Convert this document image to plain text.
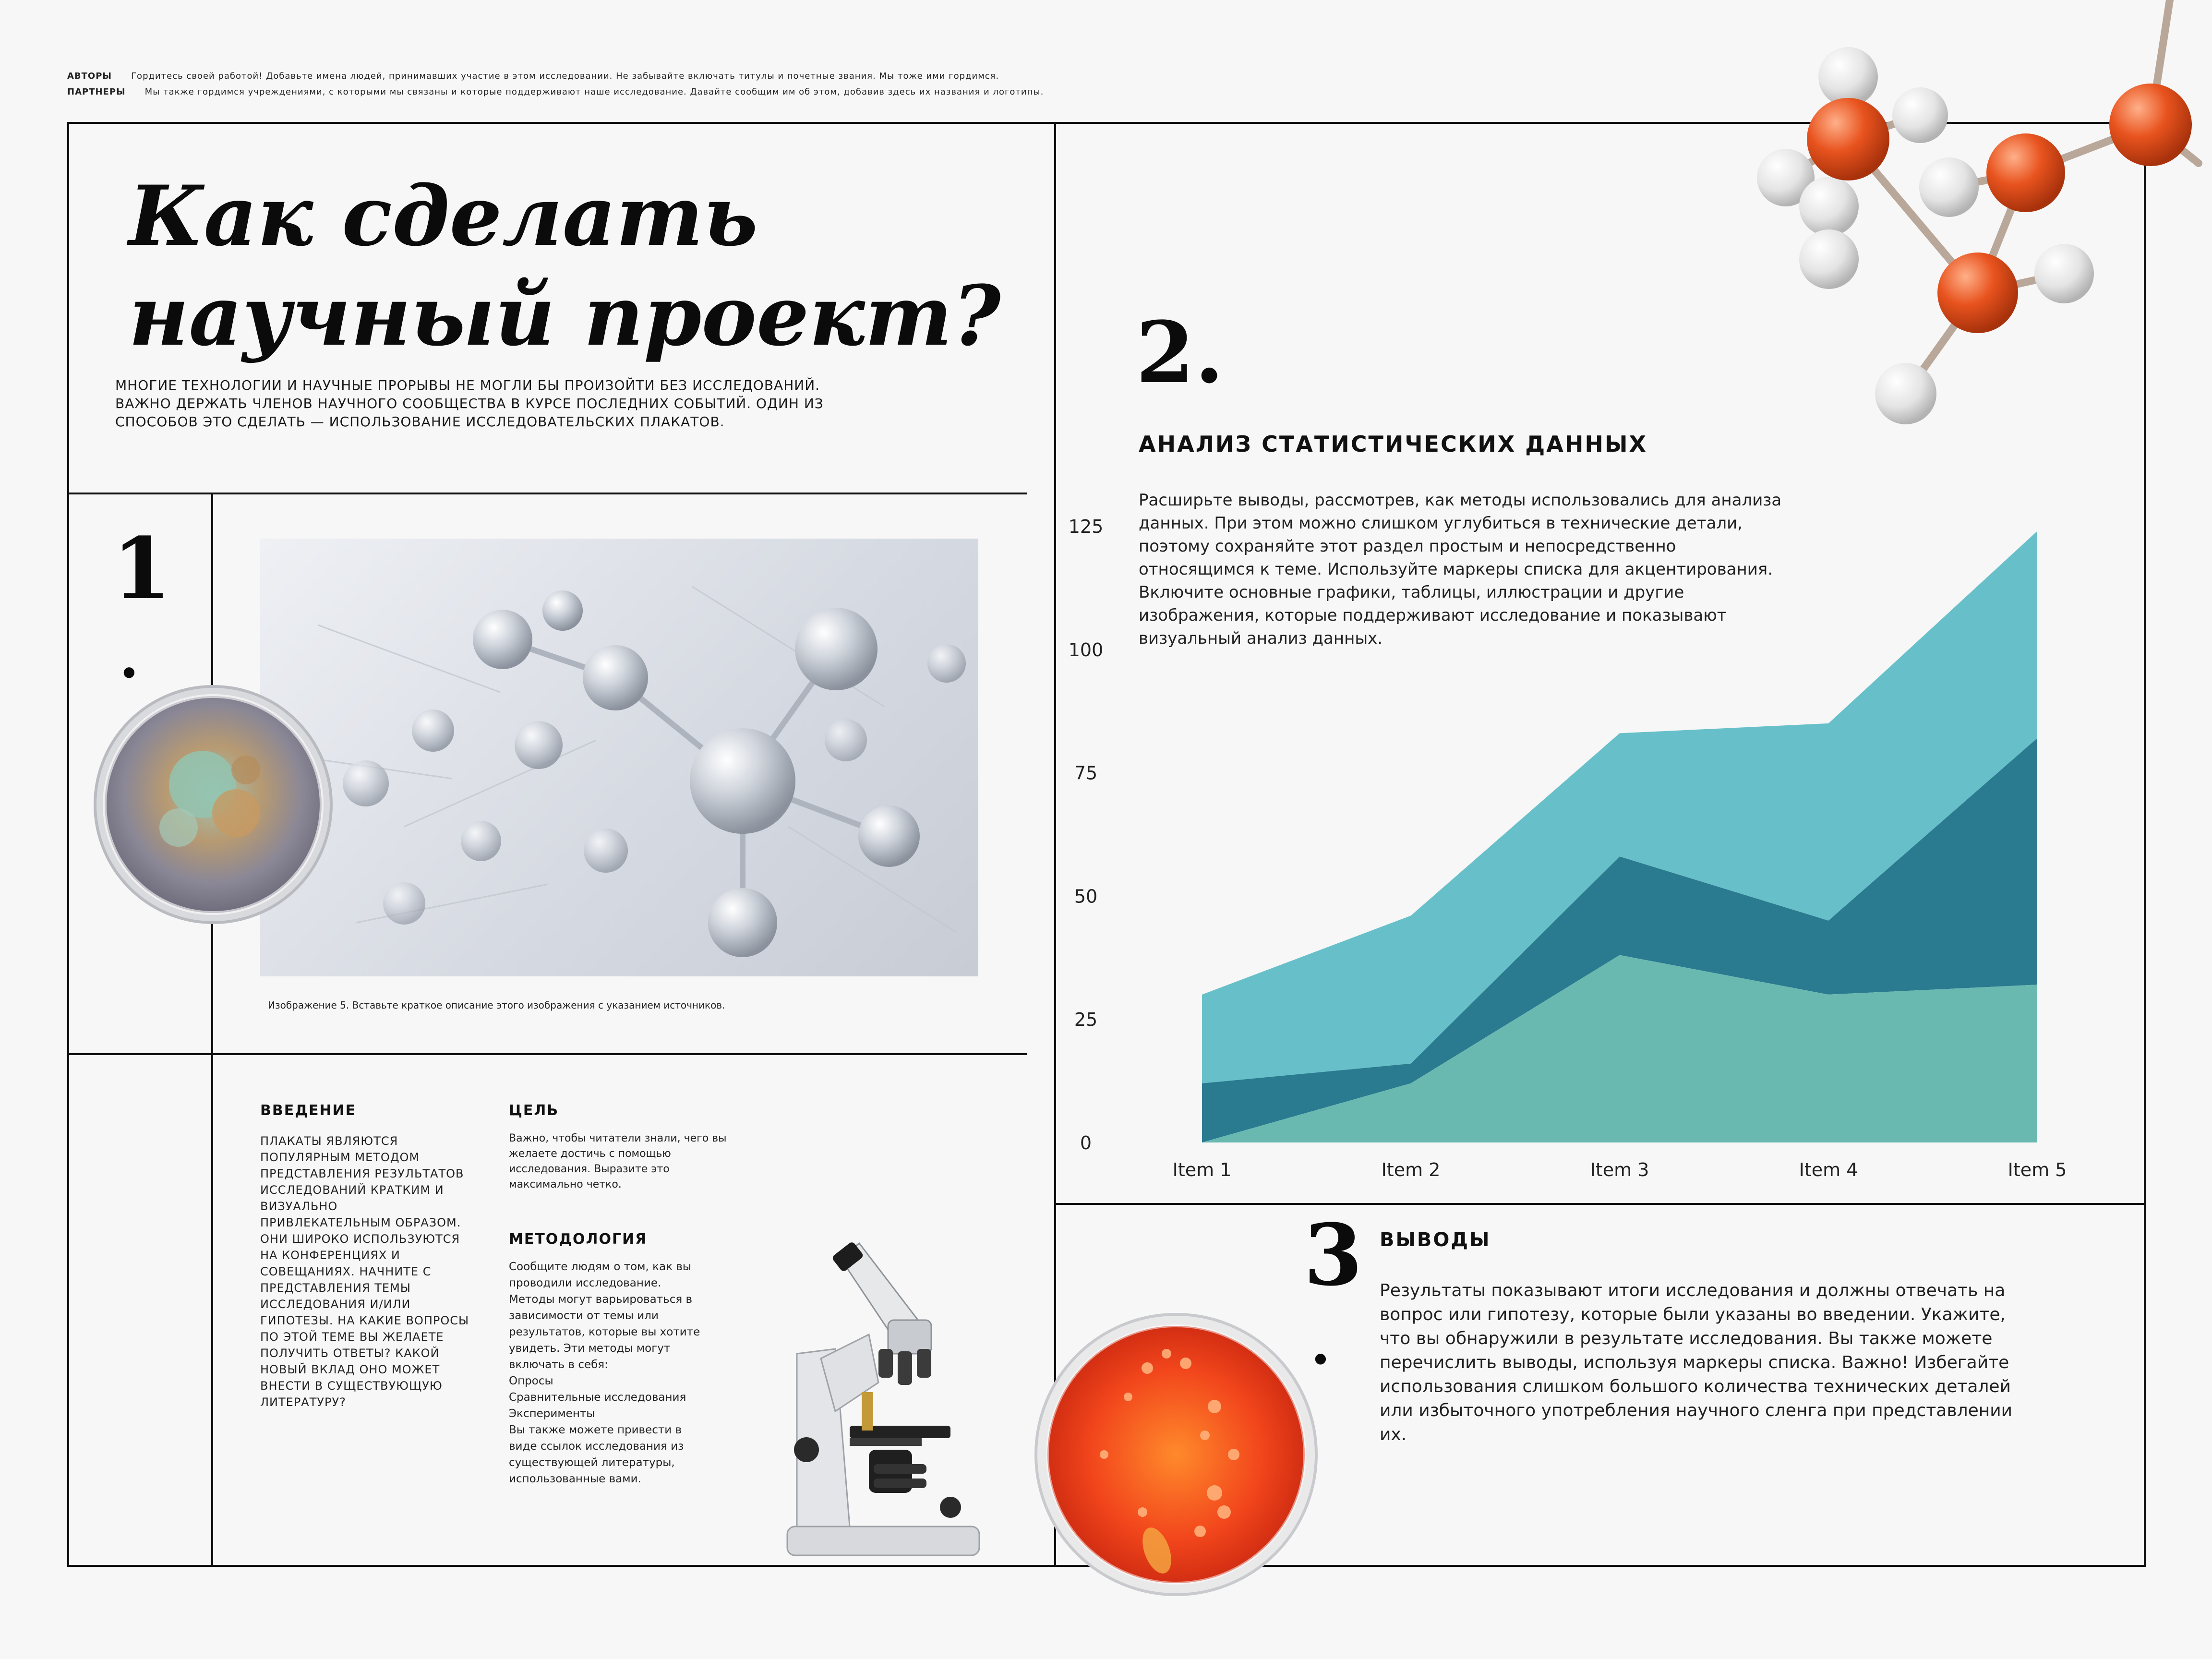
АВТОРЫ Гордитесь своей работой! Добавьте имена людей, принимавших участие в этом исследовании. Не забывайте включать титулы и почетные звания. Мы тоже ими гордимся.
ПАРТНЕРЫ Мы также гордимся учреждениями, с которыми мы связаны и которые поддерживают наше исследование. Давайте сообщим им об этом, добавив здесь их названия и логотипы.
Как сделать
научный проект?
МНОГИЕ ТЕХНОЛОГИИ И НАУЧНЫЕ ПРОРЫВЫ НЕ МОГЛИ БЫ ПРОИЗОЙТИ БЕЗ ИССЛЕДОВАНИЙ. ВАЖНО ДЕРЖАТЬ ЧЛЕНОВ НАУЧНОГО СООБЩЕСТВА В КУРСЕ ПОСЛЕДНИХ СОБЫТИЙ. ОДИН ИЗ СПОСОБОВ ЭТО СДЕЛАТЬ — ИСПОЛЬЗОВАНИЕ ИССЛЕДОВАТЕЛЬСКИХ ПЛАКАТОВ.
1
.
Изображение 5. Вставьте краткое описание этого изображения с указанием источников.
ВВЕДЕНИЕ
ПЛАКАТЫ ЯВЛЯЮТСЯ ПОПУЛЯРНЫМ МЕТОДОМ ПРЕДСТАВЛЕНИЯ РЕЗУЛЬТАТОВ ИССЛЕДОВАНИЙ КРАТКИМ И ВИЗУАЛЬНО ПРИВЛЕКАТЕЛЬНЫМ ОБРАЗОМ. ОНИ ШИРОКО ИСПОЛЬЗУЮТСЯ НА КОНФЕРЕНЦИЯХ И СОВЕЩАНИЯХ. НАЧНИТЕ С ПРЕДСТАВЛЕНИЯ ТЕМЫ ИССЛЕДОВАНИЯ И/ИЛИ ГИПОТЕЗЫ. НА КАКИЕ ВОПРОСЫ ПО ЭТОЙ ТЕМЕ ВЫ ЖЕЛАЕТЕ ПОЛУЧИТЬ ОТВЕТЫ? КАКОЙ НОВЫЙ ВКЛАД ОНО МОЖЕТ ВНЕСТИ В СУЩЕСТВУЮЩУЮ ЛИТЕРАТУРУ?
ЦЕЛЬ
Важно, чтобы читатели знали, чего вы желаете достичь с помощью исследования. Выразите это максимально четко.
МЕТОДОЛОГИЯ
Сообщите людям о том, как вы
проводили исследование.
Методы могут варьироваться в
зависимости от темы или
результатов, которые вы хотите
увидеть. Эти методы могут
включать в себя:
Опросы
Сравнительные исследования
Эксперименты
Вы также можете привести в
виде ссылок исследования из
существующей литературы,
использованные вами.
2.
АНАЛИЗ СТАТИСТИЧЕСКИХ ДАННЫХ
Расширьте выводы, рассмотрев, как методы использовались для анализа данных. При этом можно слишком углубиться в технические детали, поэтому сохраняйте этот раздел простым и непосредственно относящимся к теме. Используйте маркеры списка для акцентирования. Включите основные графики, таблицы, иллюстрации и другие изображения, которые поддерживают исследование и показывают визуальный анализ данных.
0
25
50
75
100
125
Item 1	Item 2	Item 3	Item 4	Item 5
3
.
ВЫВОДЫ
Результаты показывают итоги исследования и должны отвечать на вопрос или гипотезу, которые были указаны во введении. Укажите, что вы обнаружили в результате исследования. Вы также можете перечислить выводы, используя маркеры списка. Важно! Избегайте использования слишком большого количества технических деталей или избыточного употребления научного сленга при представлении их.
